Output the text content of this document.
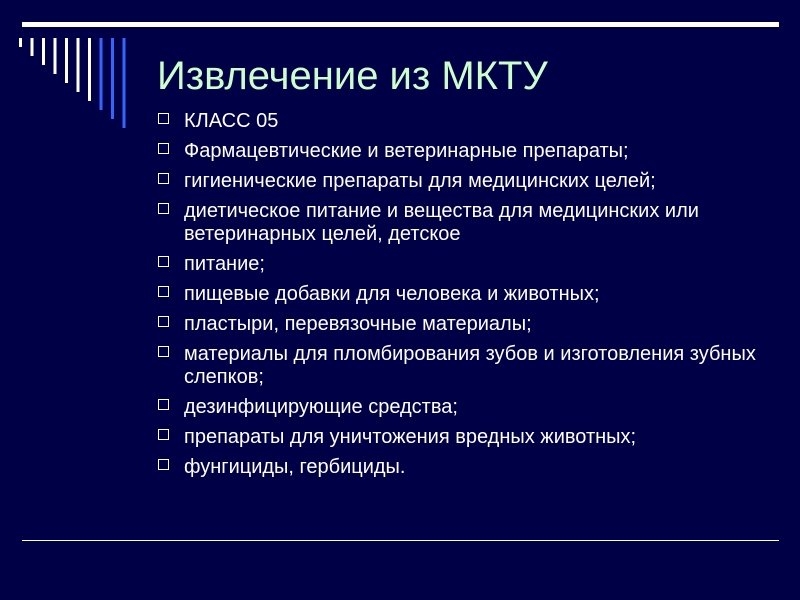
Извлечение из МКТУ
КЛАСС 05
Фармацевтические и ветеринарные препараты;
гигиенические препараты для медицинских целей;
диетическое питание и вещества для медицинских или ветеринарных целей, детское
питание;
пищевые добавки для человека и животных;
пластыри, перевязочные материалы;
материалы для пломбирования зубов и изготовления зубных слепков;
дезинфицирующие средства;
препараты для уничтожения вредных животных;
фунгициды, гербициды.
